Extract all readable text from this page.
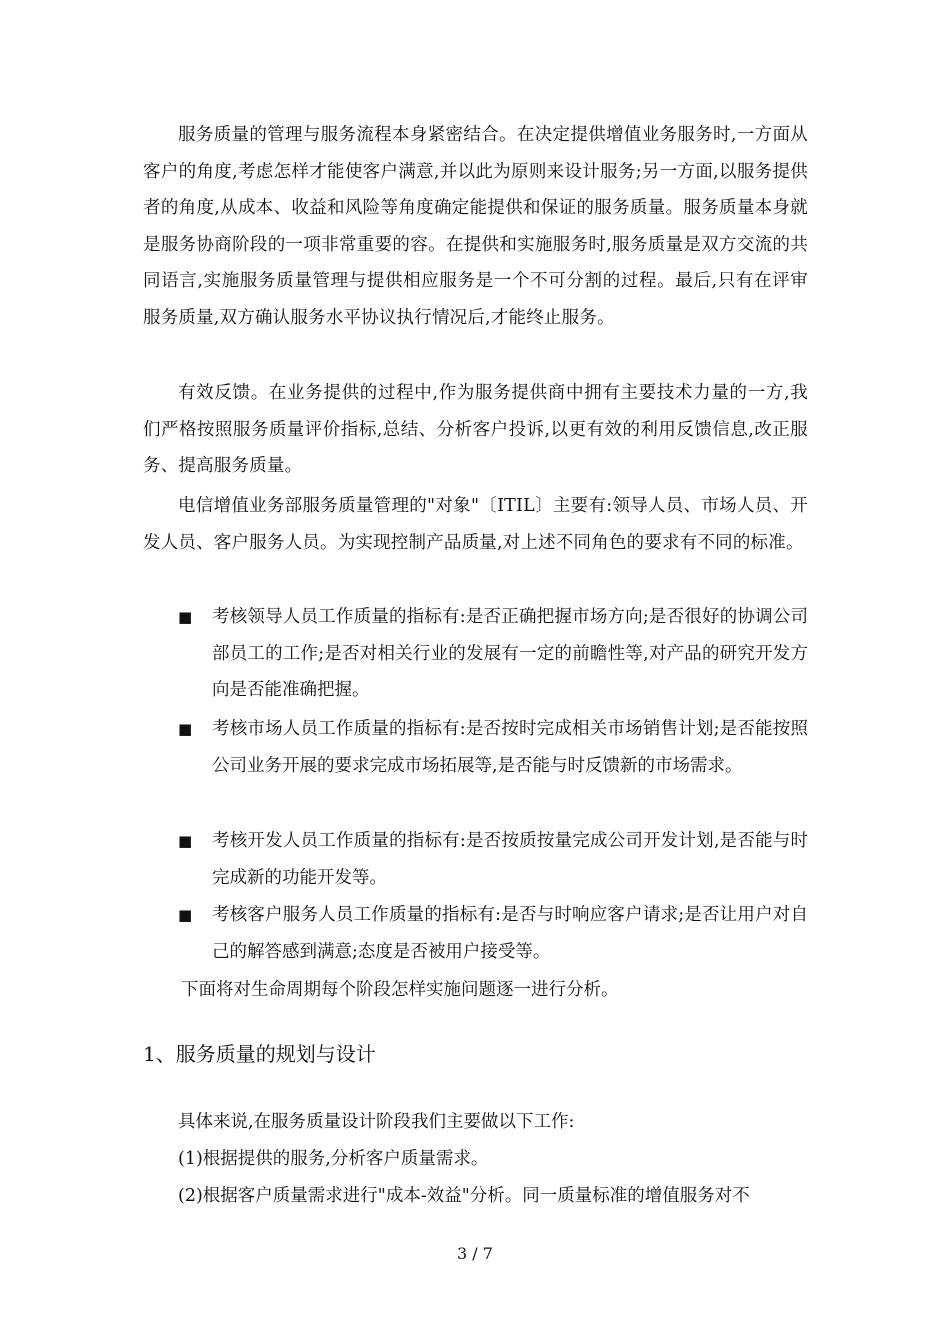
服务质量的管理与服务流程本身紧密结合。在决定提供增值业务服务时,一方面从客户的角度,考虑怎样才能使客户满意,并以此为原则来设计服务;另一方面,以服务提供者的角度,从成本、收益和风险等角度确定能提供和保证的服务质量。服务质量本身就是服务协商阶段的一项非常重要的容。在提供和实施服务时,服务质量是双方交流的共同语言,实施服务质量管理与提供相应服务是一个不可分割的过程。最后,只有在评审服务质量,双方确认服务水平协议执行情况后,才能终止服务。

有效反馈。在业务提供的过程中,作为服务提供商中拥有主要技术力量的一方,我们严格按照服务质量评价指标,总结、分析客户投诉,以更有效的利用反馈信息,改正服务、提高服务质量。

电信增值业务部服务质量管理的"对象"〔ITIL〕主要有:领导人员、市场人员、开发人员、客户服务人员。为实现控制产品质量,对上述不同角色的要求有不同的标准。

■	考核领导人员工作质量的指标有:是否正确把握市场方向;是否很好的协调公司部员工的工作;是否对相关行业的发展有一定的前瞻性等,对产品的研究开发方向是否能准确把握。
■	考核市场人员工作质量的指标有:是否按时完成相关市场销售计划;是否能按照公司业务开展的要求完成市场拓展等,是否能与时反馈新的市场需求。
■	考核开发人员工作质量的指标有:是否按质按量完成公司开发计划,是否能与时完成新的功能开发等。
■	考核客户服务人员工作质量的指标有:是否与时响应客户请求;是否让用户对自己的解答感到满意;态度是否被用户接受等。

下面将对生命周期每个阶段怎样实施问题逐一进行分析。

1、服务质量的规划与设计

具体来说,在服务质量设计阶段我们主要做以下工作:

(1)根据提供的服务,分析客户质量需求。

(2)根据客户质量需求进行"成本-效益"分析。同一质量标准的增值服务对不

3 / 7
